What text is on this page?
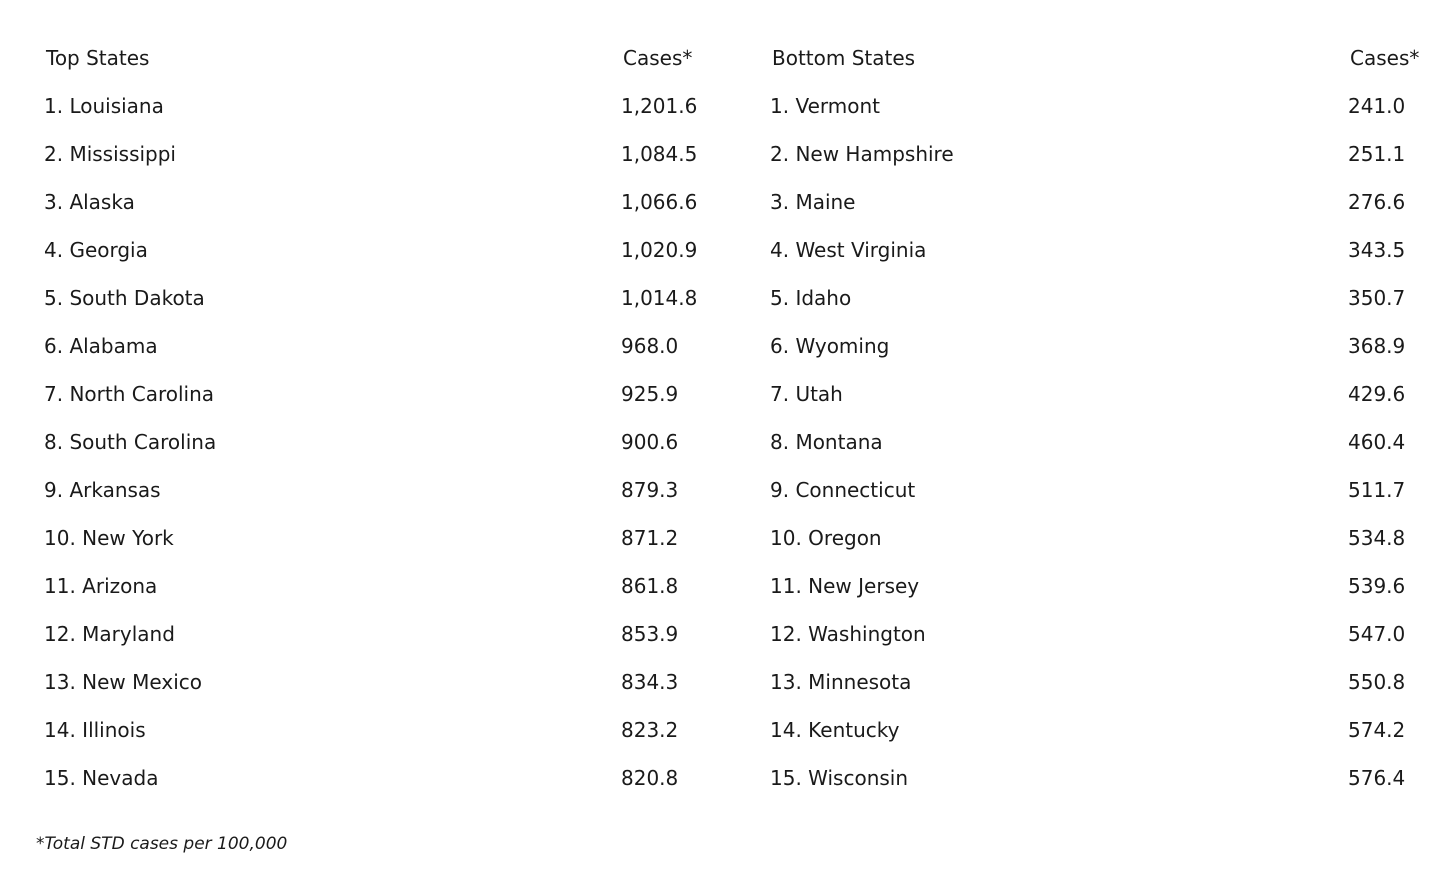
Top States	Cases*
1. Louisiana	1,201.6
2. Mississippi	1,084.5
3. Alaska	1,066.6
4. Georgia	1,020.9
5. South Dakota	1,014.8
6. Alabama	968.0
7. North Carolina	925.9
8. South Carolina	900.6
9. Arkansas	879.3
10. New York	871.2
11. Arizona	861.8
12. Maryland	853.9
13. New Mexico	834.3
14. Illinois	823.2
15. Nevada	820.8
Bottom States	Cases*
1. Vermont	241.0
2. New Hampshire	251.1
3. Maine	276.6
4. West Virginia	343.5
5. Idaho	350.7
6. Wyoming	368.9
7. Utah	429.6
8. Montana	460.4
9. Connecticut	511.7
10. Oregon	534.8
11. New Jersey	539.6
12. Washington	547.0
13. Minnesota	550.8
14. Kentucky	574.2
15. Wisconsin	576.4
*Total STD cases per 100,000
